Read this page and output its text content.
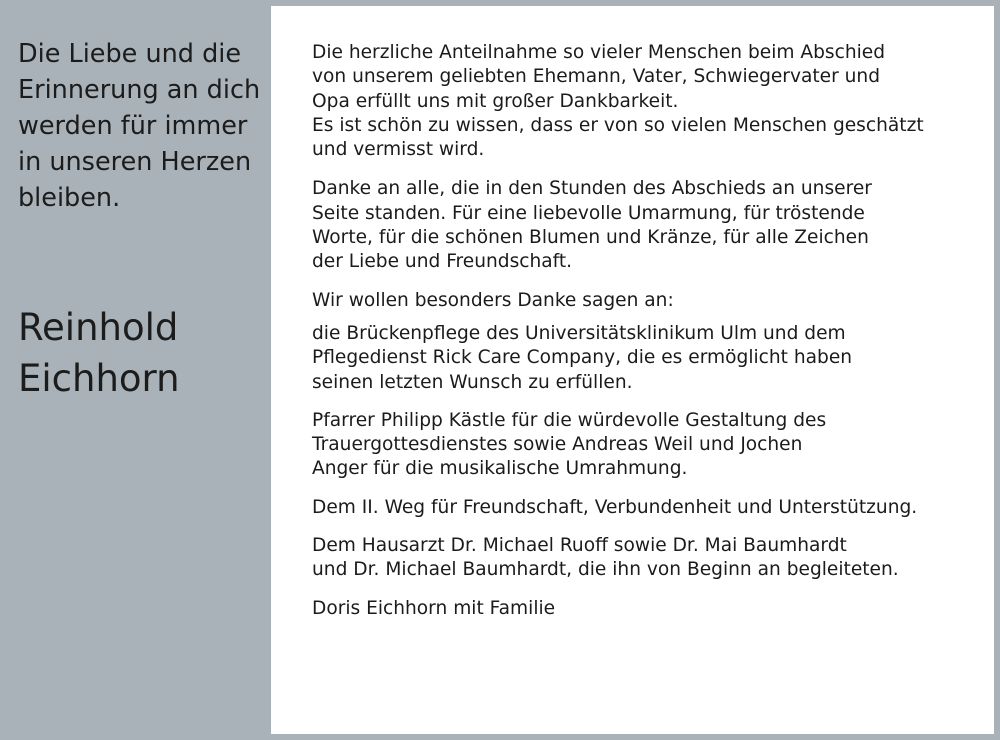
Die Liebe und die
Erinnerung an dich
werden für immer
in unseren Herzen
bleiben.
Reinhold
Eichhorn

Die herzliche Anteilnahme so vieler Menschen beim Abschied
von unserem geliebten Ehemann, Vater, Schwiegervater und
Opa erfüllt uns mit großer Dankbarkeit.
Es ist schön zu wissen, dass er von so vielen Menschen geschätzt
und vermisst wird.

Danke an alle, die in den Stunden des Abschieds an unserer
Seite standen. Für eine liebevolle Umarmung, für tröstende
Worte, für die schönen Blumen und Kränze, für alle Zeichen
der Liebe und Freundschaft.

Wir wollen besonders Danke sagen an:

die Brückenpflege des Universitätsklinikum Ulm und dem
Pflegedienst Rick Care Company, die es ermöglicht haben
seinen letzten Wunsch zu erfüllen.

Pfarrer Philipp Kästle für die würdevolle Gestaltung des
Trauergottesdienstes sowie Andreas Weil und Jochen
Anger für die musikalische Umrahmung.

Dem II. Weg für Freundschaft, Verbundenheit und Unterstützung.

Dem Hausarzt Dr. Michael Ruoff sowie Dr. Mai Baumhardt
und Dr. Michael Baumhardt, die ihn von Beginn an begleiteten.

Doris Eichhorn mit Familie
